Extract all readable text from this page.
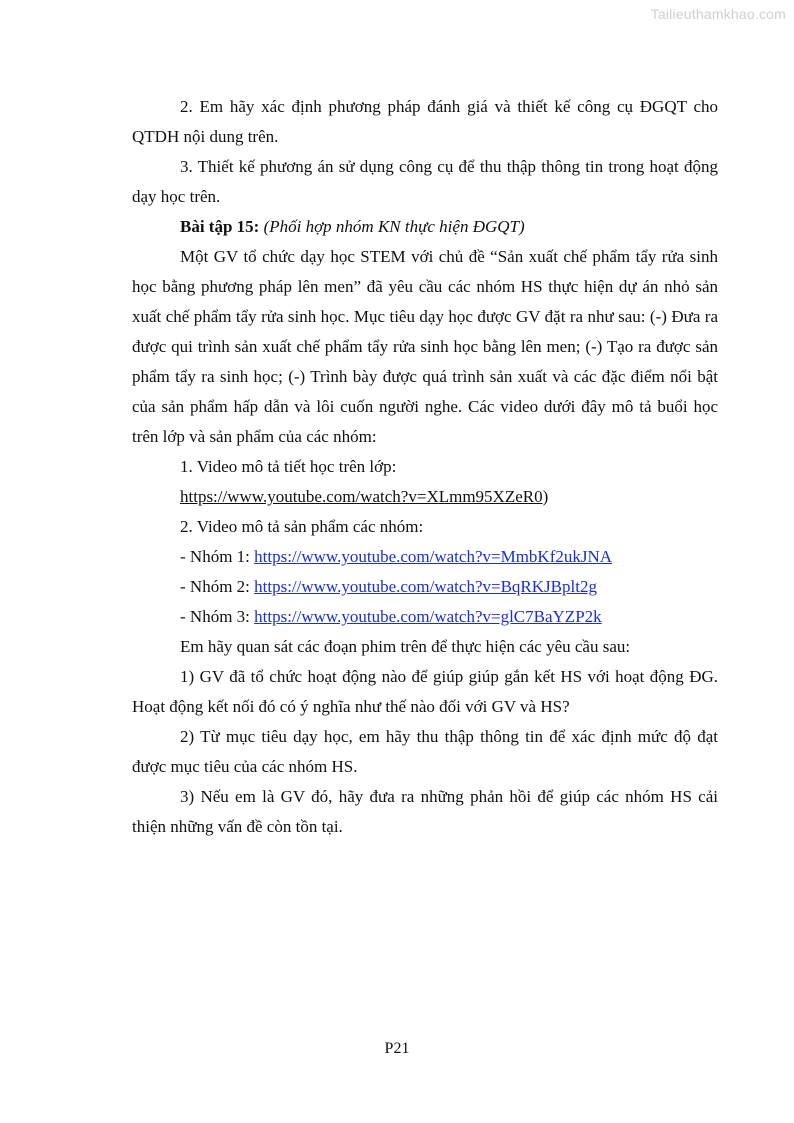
Tailieuthamkhao.com

2. Em hãy xác định phương pháp đánh giá và thiết kế công cụ ĐGQT cho QTDH nội dung trên.

3. Thiết kế phương án sử dụng công cụ để thu thập thông tin trong hoạt động dạy học trên.

Bài tập 15: (Phối hợp nhóm KN thực hiện ĐGQT)

Một GV tổ chức dạy học STEM với chủ đề “Sản xuất chế phẩm tẩy rửa sinh học bằng phương pháp lên men” đã yêu cầu các nhóm HS thực hiện dự án nhỏ sản xuất chế phẩm tẩy rửa sinh học. Mục tiêu dạy học được GV đặt ra như sau: (-) Đưa ra được qui trình sản xuất chế phẩm tẩy rửa sinh học bằng lên men; (-) Tạo ra được sản phẩm tẩy ra sinh học; (-) Trình bày được quá trình sản xuất và các đặc điểm nổi bật của sản phẩm hấp dẫn và lôi cuốn người nghe. Các video dưới đây mô tả buổi học trên lớp và sản phẩm của các nhóm:

1. Video mô tả tiết học trên lớp:

https://www.youtube.com/watch?v=XLmm95XZeR0)

2. Video mô tả sản phẩm các nhóm:

- Nhóm 1: https://www.youtube.com/watch?v=MmbKf2ukJNA

- Nhóm 2: https://www.youtube.com/watch?v=BqRKJBplt2g

- Nhóm 3: https://www.youtube.com/watch?v=glC7BaYZP2k

Em hãy quan sát các đoạn phim trên để thực hiện các yêu cầu sau:

1) GV đã tổ chức hoạt động nào để giúp giúp gắn kết HS với hoạt động ĐG. Hoạt động kết nối đó có ý nghĩa như thế nào đối với GV và HS?

2) Từ mục tiêu dạy học, em hãy thu thập thông tin để xác định mức độ đạt được mục tiêu của các nhóm HS.

3) Nếu em là GV đó, hãy đưa ra những phản hồi để giúp các nhóm HS cải thiện những vấn đề còn tồn tại.

P21
